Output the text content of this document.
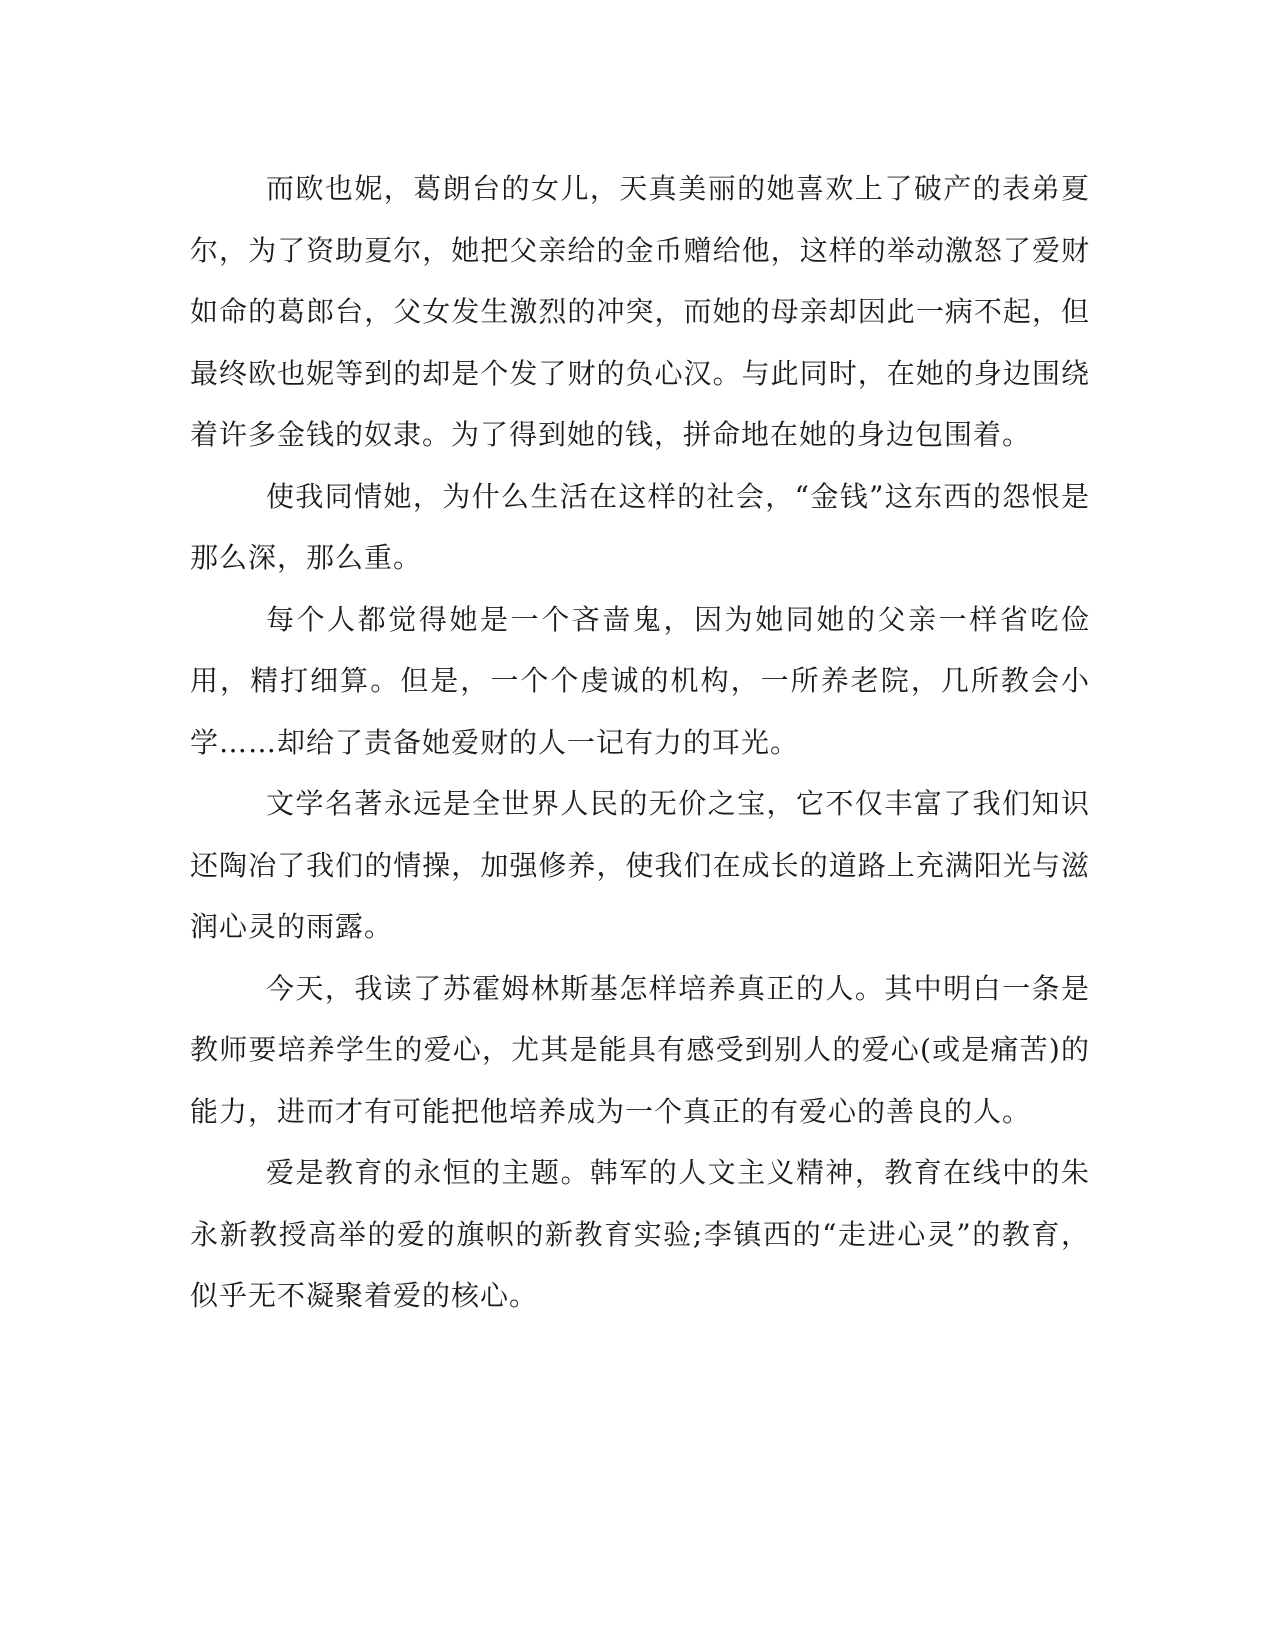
而欧也妮，葛朗台的女儿，天真美丽的她喜欢上了破产的表弟夏尔，为了资助夏尔，她把父亲给的金币赠给他，这样的举动激怒了爱财如命的葛郎台，父女发生激烈的冲突，而她的母亲却因此一病不起，但最终欧也妮等到的却是个发了财的负心汉。与此同时，在她的身边围绕着许多金钱的奴隶。为了得到她的钱，拼命地在她的身边包围着。

使我同情她，为什么生活在这样的社会，“金钱”这东西的怨恨是那么深，那么重。

每个人都觉得她是一个吝啬鬼，因为她同她的父亲一样省吃俭用，精打细算。但是，一个个虔诚的机构，一所养老院，几所教会小学……却给了责备她爱财的人一记有力的耳光。

文学名著永远是全世界人民的无价之宝，它不仅丰富了我们知识还陶冶了我们的情操，加强修养，使我们在成长的道路上充满阳光与滋润心灵的雨露。

今天，我读了苏霍姆林斯基怎样培养真正的人。其中明白一条是教师要培养学生的爱心，尤其是能具有感受到别人的爱心(或是痛苦)的能力，进而才有可能把他培养成为一个真正的有爱心的善良的人。

爱是教育的永恒的主题。韩军的人文主义精神，教育在线中的朱永新教授高举的爱的旗帜的新教育实验;李镇西的“走进心灵”的教育，似乎无不凝聚着爱的核心。
